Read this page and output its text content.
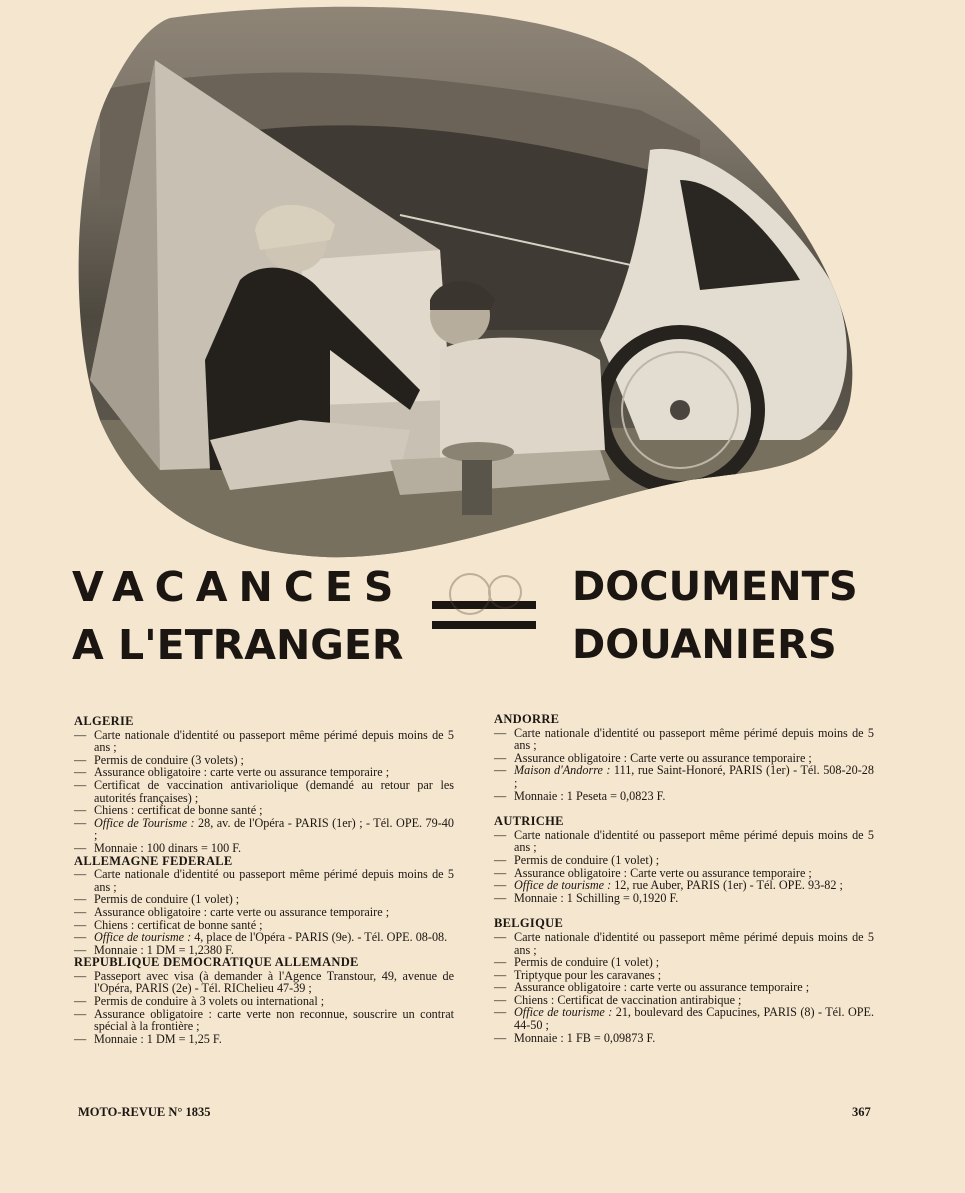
VACANCES
A L'ETRANGER
DOCUMENTS
DOUANIERS
ALGERIE
— Carte nationale d'identité ou passeport même périmé depuis moins de 5 ans ;
— Permis de conduire (3 volets) ;
— Assurance obligatoire : carte verte ou assurance temporaire ;
— Certificat de vaccination antivariolique (demandé au retour par les autorités françaises) ;
— Chiens : certificat de bonne santé ;
— Office de Tourisme : 28, av. de l'Opéra - PARIS (1er) ; - Tél. OPE. 79-40 ;
— Monnaie : 100 dinars = 100 F.
ALLEMAGNE FEDERALE
— Carte nationale d'identité ou passeport même périmé depuis moins de 5 ans ;
— Permis de conduire (1 volet) ;
— Assurance obligatoire : carte verte ou assurance temporaire ;
— Chiens : certificat de bonne santé ;
— Office de tourisme : 4, place de l'Opéra - PARIS (9e). - Tél. OPE. 08-08.
— Monnaie : 1 DM = 1,2380 F.
REPUBLIQUE DEMOCRATIQUE ALLEMANDE
— Passeport avec visa (à demander à l'Agence Transtour, 49, avenue de l'Opéra, PARIS (2e) - Tél. RIChelieu 47-39 ;
— Permis de conduire à 3 volets ou international ;
— Assurance obligatoire : carte verte non reconnue, souscrire un contrat spécial à la frontière ;
— Monnaie : 1 DM = 1,25 F.
ANDORRE
— Carte nationale d'identité ou passeport même périmé depuis moins de 5 ans ;
— Assurance obligatoire : Carte verte ou assurance temporaire ;
— Maison d'Andorre : 111, rue Saint-Honoré, PARIS (1er) - Tél. 508-20-28 ;
— Monnaie : 1 Peseta = 0,0823 F.
AUTRICHE
— Carte nationale d'identité ou passeport même périmé depuis moins de 5 ans ;
— Permis de conduire (1 volet) ;
— Assurance obligatoire : Carte verte ou assurance temporaire ;
— Office de tourisme : 12, rue Auber, PARIS (1er) - Tél. OPE. 93-82 ;
— Monnaie : 1 Schilling = 0,1920 F.
BELGIQUE
— Carte nationale d'identité ou passeport même périmé depuis moins de 5 ans ;
— Permis de conduire (1 volet) ;
— Triptyque pour les caravanes ;
— Assurance obligatoire : carte verte ou assurance temporaire ;
— Chiens : Certificat de vaccination antirabique ;
— Office de tourisme : 21, boulevard des Capucines, PARIS (8) - Tél. OPE. 44-50 ;
— Monnaie : 1 FB = 0,09873 F.
MOTO-REVUE N° 1835	367
